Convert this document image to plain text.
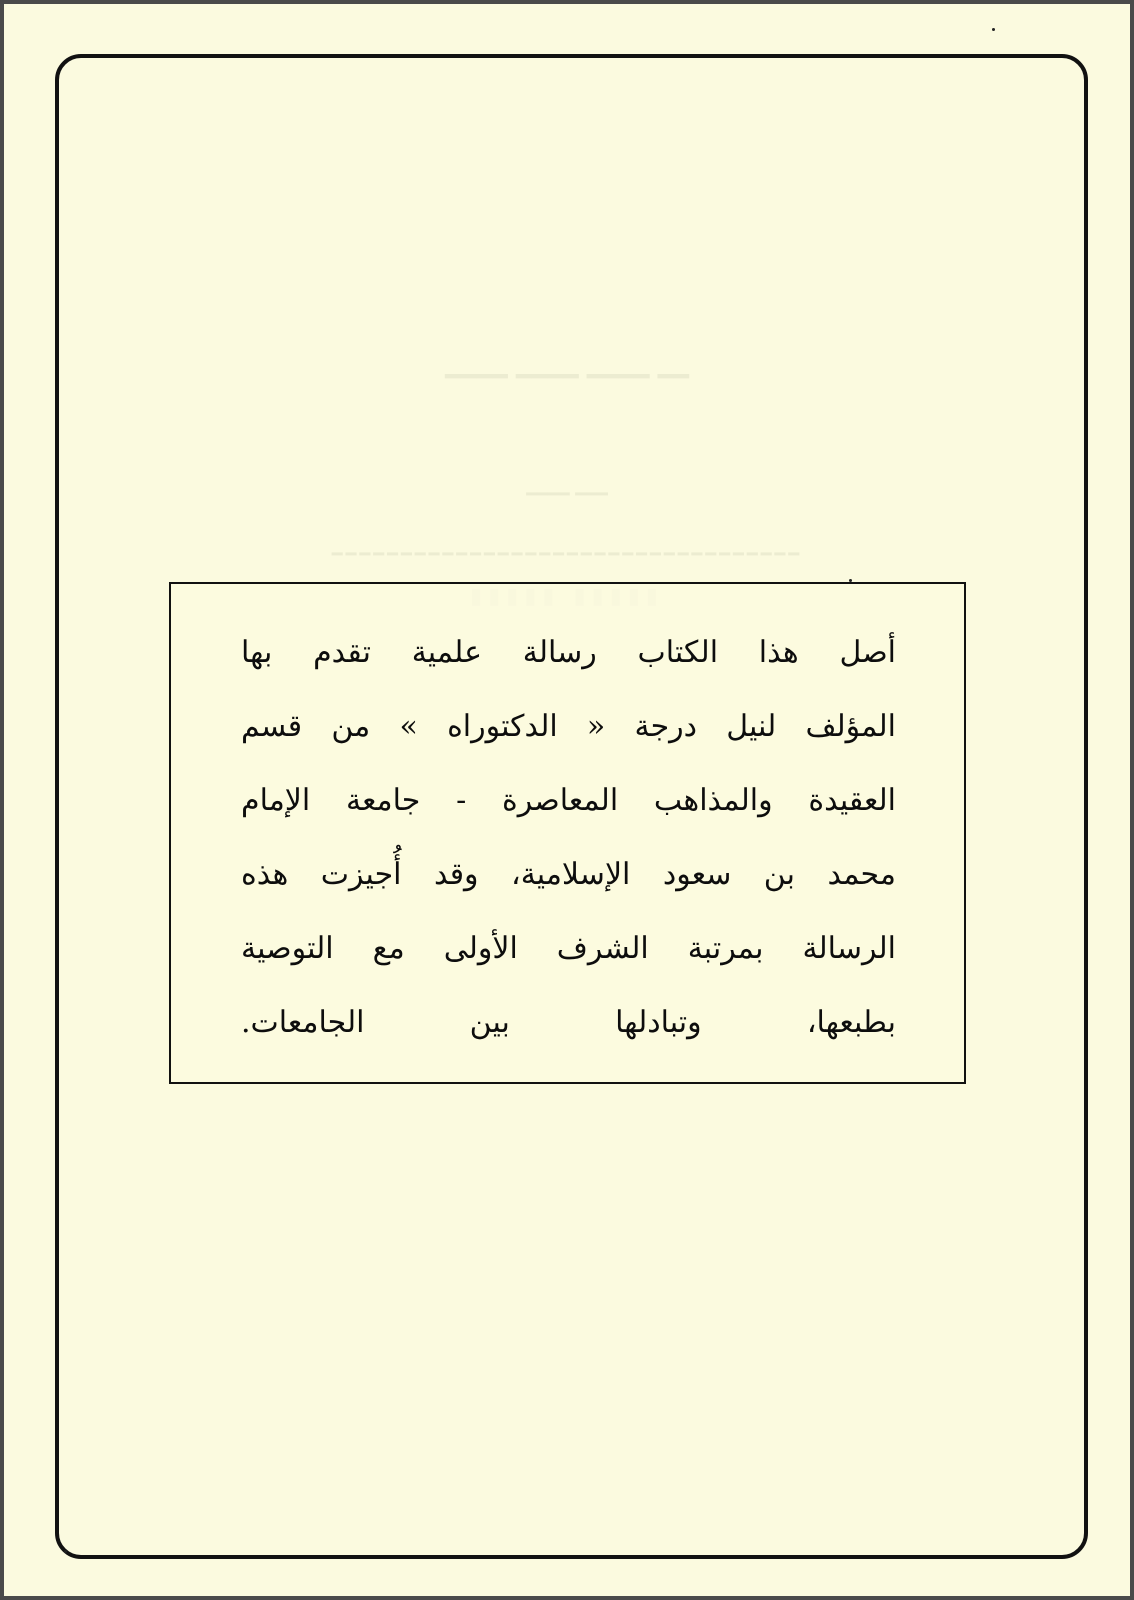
━━ ━━━━ ━━━━ ━━━━
━━━ ━━━━
━━━━━━━━━━━━━━━━━━━━━━━━━━━━━━━━━━

أصل هذا الكتاب رسالة علمية تقدم بها
المؤلف لنيل درجة « الدكتوراه » من قسم
العقيدة والمذاهب المعاصرة - جامعة الإمام
محمد بن سعود الإسلامية، وقد أُجيزت هذه
الرسالة بمرتبة الشرف الأولى مع التوصية
بطبعها، وتبادلها بين الجامعات.
